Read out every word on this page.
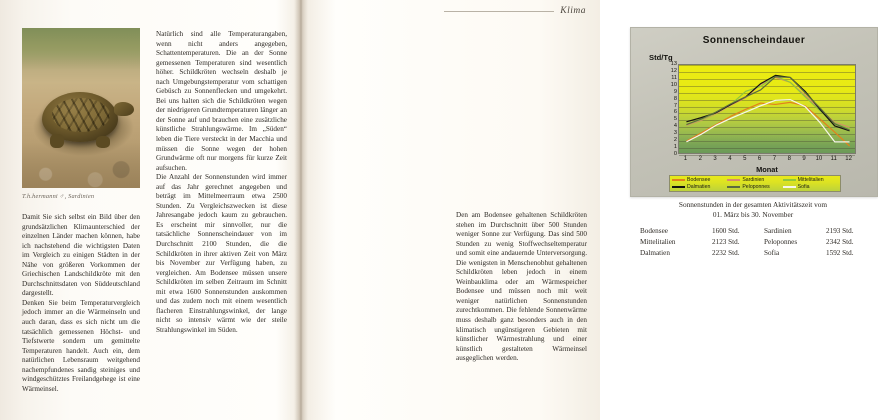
T.h.hermanni ♂, Sardinien

Damit Sie sich selbst ein Bild über den grundsätzlichen Klimaunterschied der einzelnen Länder machen können, habe ich nachstehend die wichtigsten Daten im Vergleich zu einigen Städten in der Nähe von größeren Vorkommen der Griechischen Landschildkröte mit den Durchschnittsdaten von Süddeutschland dargestellt.

Denken Sie beim Temperaturvergleich jedoch immer an die Wärmeinseln und auch daran, dass es sich nicht um die tatsächlich gemessenen Höchst- und Tiefstwerte sondern um gemittelte Temperaturen handelt. Auch ein, dem natürlichen Lebensraum weitgehend nachempfundenes sandig steiniges und windgeschütztes Freilandgehege ist eine Wärmeinsel.

Natürlich sind alle Temperaturangaben, wenn nicht anders angegeben, Schattentemperaturen. Die an der Sonne gemessenen Temperaturen sind wesentlich höher. Schildkröten wechseln deshalb je nach Umgebungstemperatur vom schattigen Gebüsch zu Sonnenflecken und umgekehrt. Bei uns halten sich die Schildkröten wegen der niedrigeren Grundtemperaturen länger an der Sonne auf und brauchen eine zusätzliche künstliche Strahlungswärme. Im „Süden“ leben die Tiere versteckt in der Macchia und müssen die Sonne wegen der hohen Grundwärme oft nur morgens für kurze Zeit aufsuchen.

Die Anzahl der Sonnenstunden wird immer auf das Jahr gerechnet angegeben und beträgt im Mittelmeerraum etwa 2500 Stunden. Zu Vergleichszwecken ist diese Jahresangabe jedoch kaum zu gebrauchen. Es erscheint mir sinnvoller, nur die tatsächliche Sonnenscheindauer von im Durchschnitt 2100 Stunden, die die Schildkröten in ihrer aktiven Zeit von März bis November zur Verfügung haben, zu vergleichen. Am Bodensee müssen unsere Schildkröten im selben Zeitraum im Schnitt mit etwa 1600 Sonnenstunden auskommen und das zudem noch mit einem wesentlich flacheren Einstrahlungswinkel, der lange nicht so intensiv wärmt wie der steile Strahlungswinkel im Süden.

Klima
Sonnenscheindauer
Std/Tg
13
12
11
10
9
8
7
6
5
4
3
2
1
0
1	2	3	4	5	6	7	8	9	10	11	12
Monat
Bodensee	Sardinien	Mittelitalien
Dalmatien	Peloponnes	Sofia
Sonnenstunden in der gesamten Aktivitätszeit vom
01. März bis 30. November
Bodensee	1600 Std.	Sardinien	2193 Std.
Mittelitalien	2123 Std.	Peloponnes	2342 Std.
Dalmatien	2232 Std.	Sofia	1592 Std.

Den am Bodensee gehaltenen Schildkröten stehen im Durchschnitt über 500 Stunden weniger Sonne zur Verfügung. Das sind 500 Stunden zu wenig Stoffwechseltemperatur und somit eine andauernde Unterversorgung. Die wenigsten in Menschenobhut gehaltenen Schildkröten leben jedoch in einem Weinbauklima oder am Wärmespeicher Bodensee und müssen noch mit weit weniger natürlichen Sonnenstunden zurechtkommen. Die fehlende Sonnenwärme muss deshalb ganz besonders auch in den klimatisch ungünstigeren Gebieten mit künstlicher Wärmestrahlung und einer künstlich gestalteten Wärmeinsel ausgeglichen werden.
